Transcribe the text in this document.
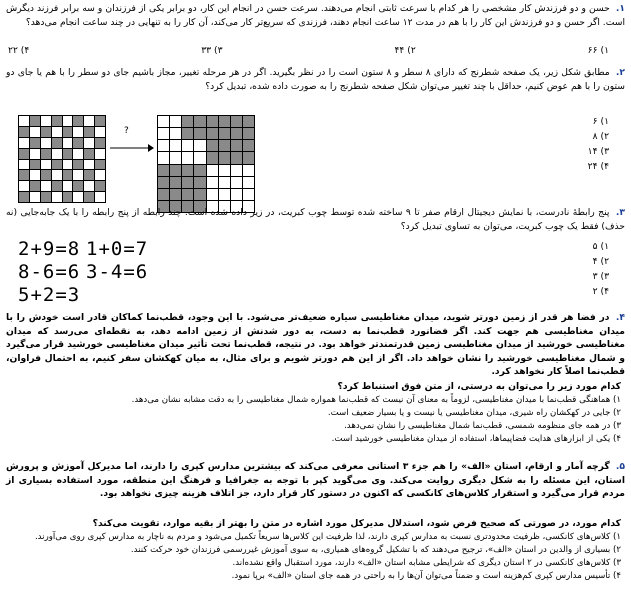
۱. حسن و دو فرزندش کار مشخصی را هر کدام با سرعت ثابتی انجام می‌دهند. سرعت حسن در انجام این کار، دو برابر یکی از فرزندان و سه برابر فرزند دیگرش است. اگر حسن و دو فرزندش این کار را با هم در مدت ۱۲ ساعت انجام دهند، فرزندی که سریع‌تر کار می‌کند، آن کار را به تنهایی در چند ساعت انجام می‌دهد؟
۱) ۶۶
۲) ۴۴
۳) ۳۳
۴) ۲۲
۲. مطابق شکل زیر، یک صفحه شطرنج که دارای ۸ سطر و ۸ ستون است را در نظر بگیرید. اگر در هر مرحله تغییر، مجاز باشیم جای دو سطر را با هم یا جای دو ستون را با هم عوض کنیم، حداقل با چند تغییر می‌توان شکل صفحه شطرنج را به صورت داده شده، تبدیل کرد؟
۱) ۶
۲) ۸
۳) ۱۴
۴) ۲۴
?
۳. پنج رابطهٔ نادرست، با نمایش دیجیتال ارقام صفر تا ۹ ساخته شده توسط چوب کبریت، در زیر داده شده است. چند رابطه از پنج رابطه را با یک جابه‌جایی (نه حذف) فقط یک چوب کبریت، می‌توان به تساوی تبدیل کرد؟
2+9=8 1+0=7
8-6=6 3-4=6
5+2=3
۱) ۵
۲) ۴
۳) ۳
۴) ۲
۴. در فضا هر قدر از زمین دورتر شوید، میدان مغناطیسی سیاره ضعیف‌تر می‌شود. با این وجود، قطب‌نما کماکان قادر است خودش را با میدان مغناطیسی هم جهت کند. اگر فضانورد قطب‌نما به دست، به دور شدنش از زمین ادامه دهد، به نقطه‌ای می‌رسد که میدان مغناطیسی خورشید از میدان مغناطیسی زمین قدرتمندتر خواهد بود. در نتیجه، قطب‌نما تحت تأثیر میدان مغناطیسی خورشید قرار می‌گیرد و شمال مغناطیسی خورشید را نشان خواهد داد. اگر از این هم دورتر شویم و برای مثال، به میان کهکشان سفر کنیم، به احتمال فراوان، قطب‌نما اصلاً کار نخواهد کرد.
کدام مورد زیر را می‌توان به درستی، از متن فوق استنباط کرد؟
۱) هماهنگی قطب‌نما با میدان مغناطیسی، لزوماً به معنای آن نیست که قطب‌نما همواره شمال مغناطیسی را به دقت مشابه نشان می‌دهد.
۲) جایی در کهکشان راه شیری، میدان مغناطیسی یا نیست و یا بسیار ضعیف است.
۳) در همه جای منظومه شمسی، قطب‌نما شمال مغناطیسی را نشان نمی‌دهد.
۴) یکی از ابزارهای هدایت فضاپیماها، استفاده از میدان مغناطیسی خورشید است.
۵. گرچه آمار و ارقام، استان «الف» را هم جزء ۳ استانی معرفی می‌کند که بیشترین مدارس کپری را دارند، اما مدیرکل آموزش و پرورش استان، این مسئله را به شکل دیگری روایت می‌کند. وی می‌گوید کپر با توجه به جغرافیا و فرهنگ این منطقه، مورد استفاده بسیاری از مردم قرار می‌گیرد و استقرار کلاس‌های کانکسی که اکنون در دستور کار قرار دارد، جز اتلاف هزینه چیزی نخواهد بود.
کدام مورد، در صورتی که صحیح فرض شود، استدلال مدیرکل مورد اشاره در متن را بهتر از بقیه موارد، تقویت می‌کند؟
۱) کلاس‌های کانکسی، ظرفیت محدودتری نسبت به مدارس کپری دارند، لذا ظرفیت این کلاس‌ها سریعاً تکمیل می‌شود و مردم به ناچار به مدارس کپری روی می‌آورند.
۲) بسیاری از والدین در استان «الف»، ترجیح می‌دهند که با تشکیل گروه‌های همیاری، به سوی آموزش غیررسمی فرزندان خود حرکت کنند.
۳) کلاس‌های کانکسی در ۲ استان دیگری که شرایطی مشابه استان «الف» دارند، مورد استقبال واقع نشده‌اند.
۴) تأسیس مدارس کپری کم‌هزینه است و ضمناً می‌توان آن‌ها را به راحتی در همه جای استان «الف» برپا نمود.
